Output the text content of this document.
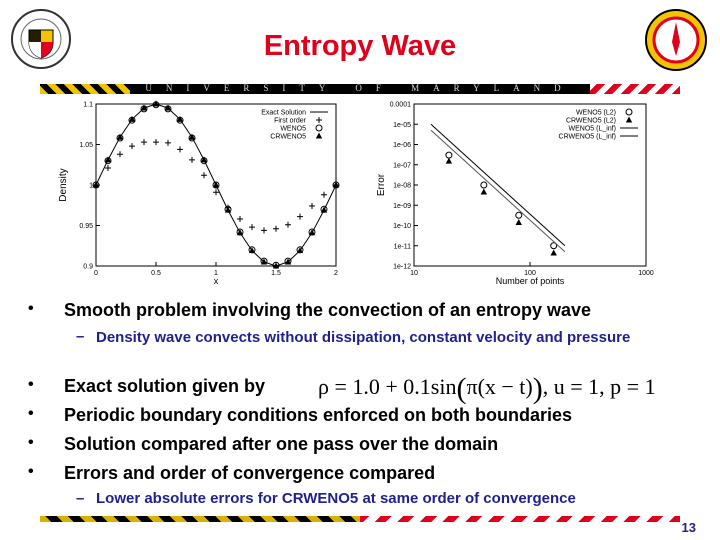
Entropy Wave
UNIVERSITY OF MARYLAND
0	0.5	1	1.5	2
0.9
0.95
1
1.05
1.1
x
Density
Exact Solution
First order
WENO5
CRWENO5
10	100	1000
0.0001
1e-05
1e-06
1e-07
1e-08
1e-09
1e-10
1e-11
1e-12
Number of points
Error
WENO5 (L2)
CRWENO5 (L2)
WENO5 (L_inf)
CRWENO5 (L_inf)
• Smooth problem involving the convection of an entropy wave
– Density wave convects without dissipation, constant velocity and pressure
• Exact solution given by ρ = 1.0 + 0.1sin(π(x − t)), u = 1, p = 1
• Periodic boundary conditions enforced on both boundaries
• Solution compared after one pass over the domain
• Errors and order of convergence compared
– Lower absolute errors for CRWENO5 at same order of convergence
13
